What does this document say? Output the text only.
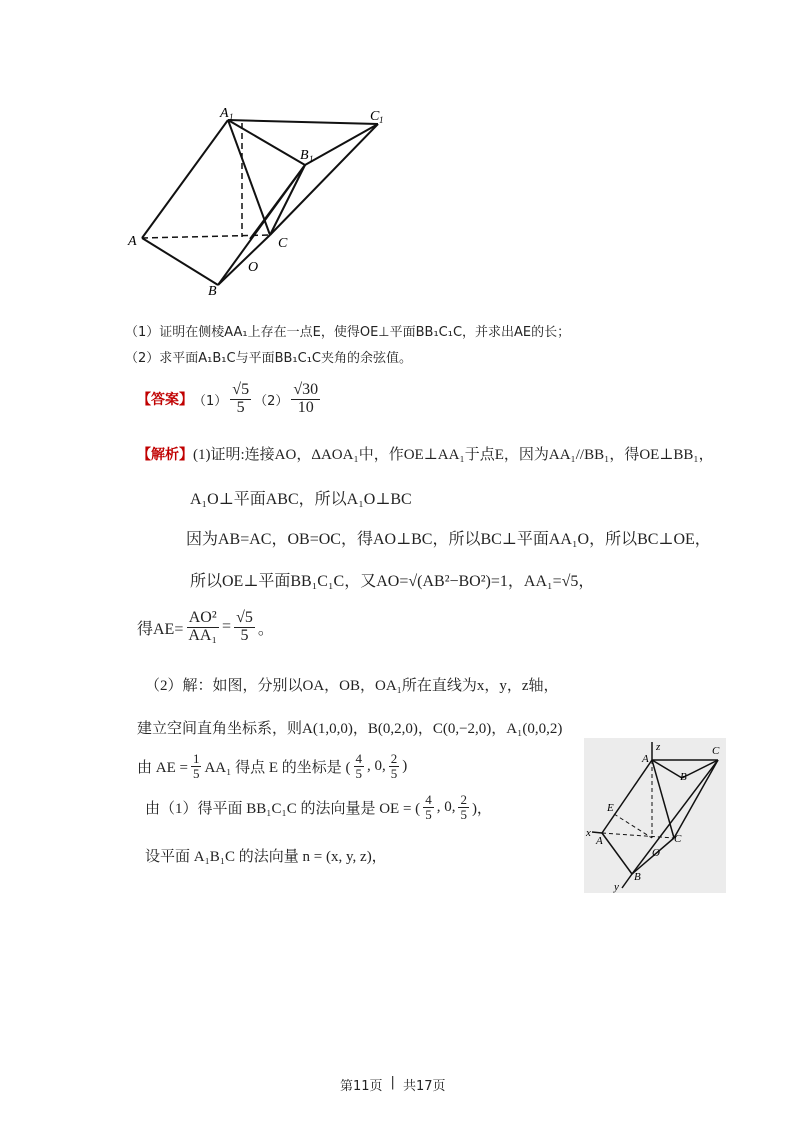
A 1	C 1
B 1
A	C
O
B
（1）证明在侧棱AA₁上存在一点E，使得OE⊥平面BB₁C₁C，并求出AE的长；
（2）求平面A₁B₁C与平面BB₁C₁C夹角的余弦值。
【答案】 $(1) \frac{√5}{5} (2) \frac{√30}{10}$
【解析】 (1)证明:连接AO，ΔAOA₁中，作OE⊥AA₁于点E，因为AA₁//BB₁，得OE⊥BB₁，
A₁O⊥平面ABC，所以A₁O⊥BC
因为AB=AC，OB=OC，得AO⊥BC，所以BC⊥平面AA₁O，所以BC⊥OE，
所以OE⊥平面BB₁C₁C，又AO=√(AB²−BO²)=1，AA₁=√5，
得$AE= \frac{\text{AO²}}{\text{AA₁}} = \frac{√5}{5}$ 。
（2）解：如图，分别以OA，OB，OA₁所在直线为x，y，z轴，
建立空间直角坐标系，则A(1,0,0)，B(0,2,0)，C(0,−2,0)，A₁(0,0,2)
由 AE = $\frac{1}{5} AA_1$ 得点 E 的坐标是 ( $\frac{4}{5}$ , 0, $\frac{2}{5}$ )
由（1）得平面 BB₁C₁C 的法向量是 OE = ( $\frac{4}{5}$ , 0, $\frac{2}{5}$ )，
设平面 A₁B₁C 的法向量 n = (x, y, z)，
z
A
C
B
E
x
A	C
O
B
y
第11页 | 共17页
